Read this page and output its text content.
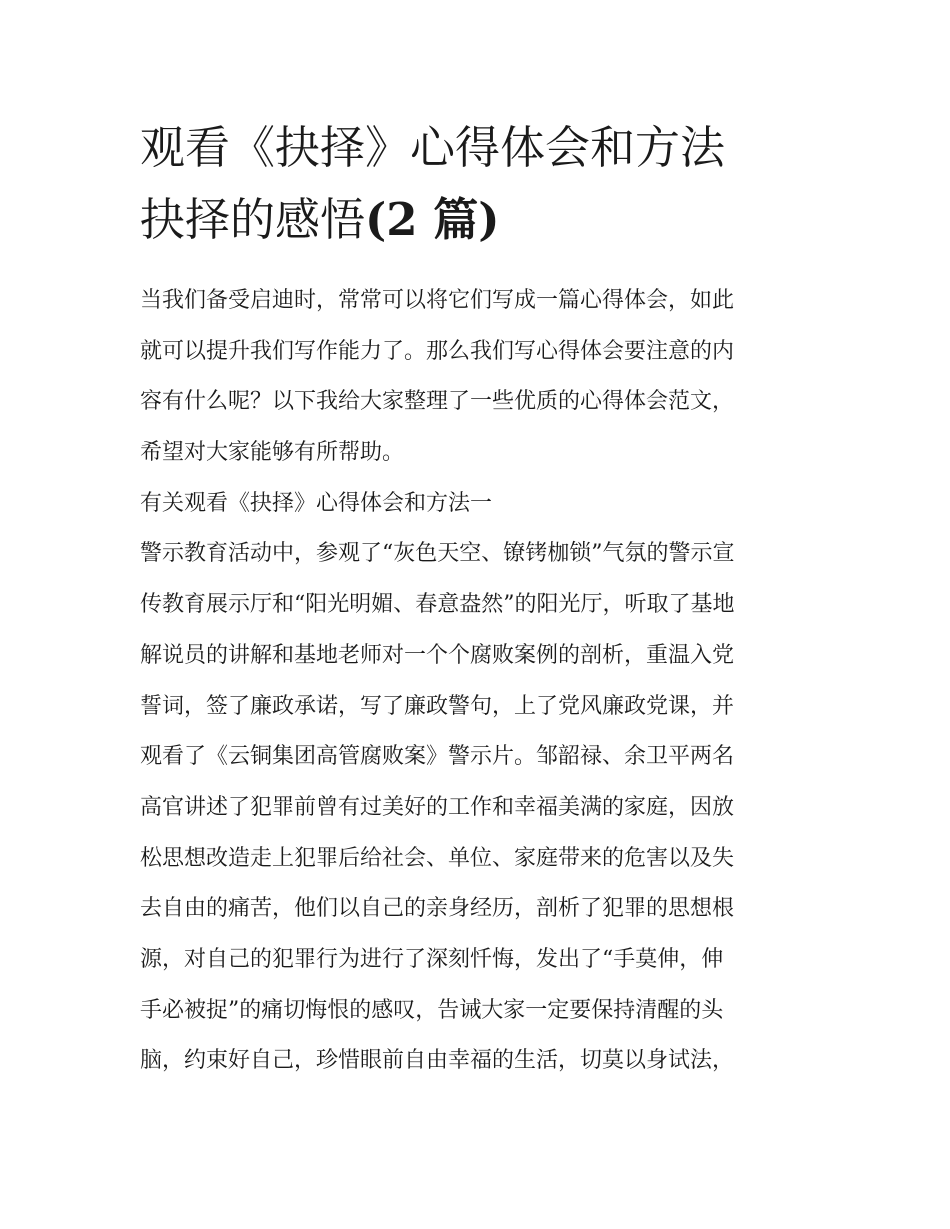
观看《抉择》心得体会和方法
抉择的感悟(2 篇)
当我们备受启迪时，常常可以将它们写成一篇心得体会，如此
就可以提升我们写作能力了。那么我们写心得体会要注意的内
容有什么呢？以下我给大家整理了一些优质的心得体会范文，
希望对大家能够有所帮助。
有关观看《抉择》心得体会和方法一
警示教育活动中，参观了“灰色天空、镣铐枷锁”气氛的警示宣
传教育展示厅和“阳光明媚、春意盎然”的阳光厅，听取了基地
解说员的讲解和基地老师对一个个腐败案例的剖析，重温入党
誓词，签了廉政承诺，写了廉政警句，上了党风廉政党课，并
观看了《云铜集团高管腐败案》警示片。邹韶禄、余卫平两名
高官讲述了犯罪前曾有过美好的工作和幸福美满的家庭，因放
松思想改造走上犯罪后给社会、单位、家庭带来的危害以及失
去自由的痛苦，他们以自己的亲身经历，剖析了犯罪的思想根
源，对自己的犯罪行为进行了深刻忏悔，发出了“手莫伸，伸
手必被捉”的痛切悔恨的感叹，告诫大家一定要保持清醒的头
脑，约束好自己，珍惜眼前自由幸福的生活，切莫以身试法，
